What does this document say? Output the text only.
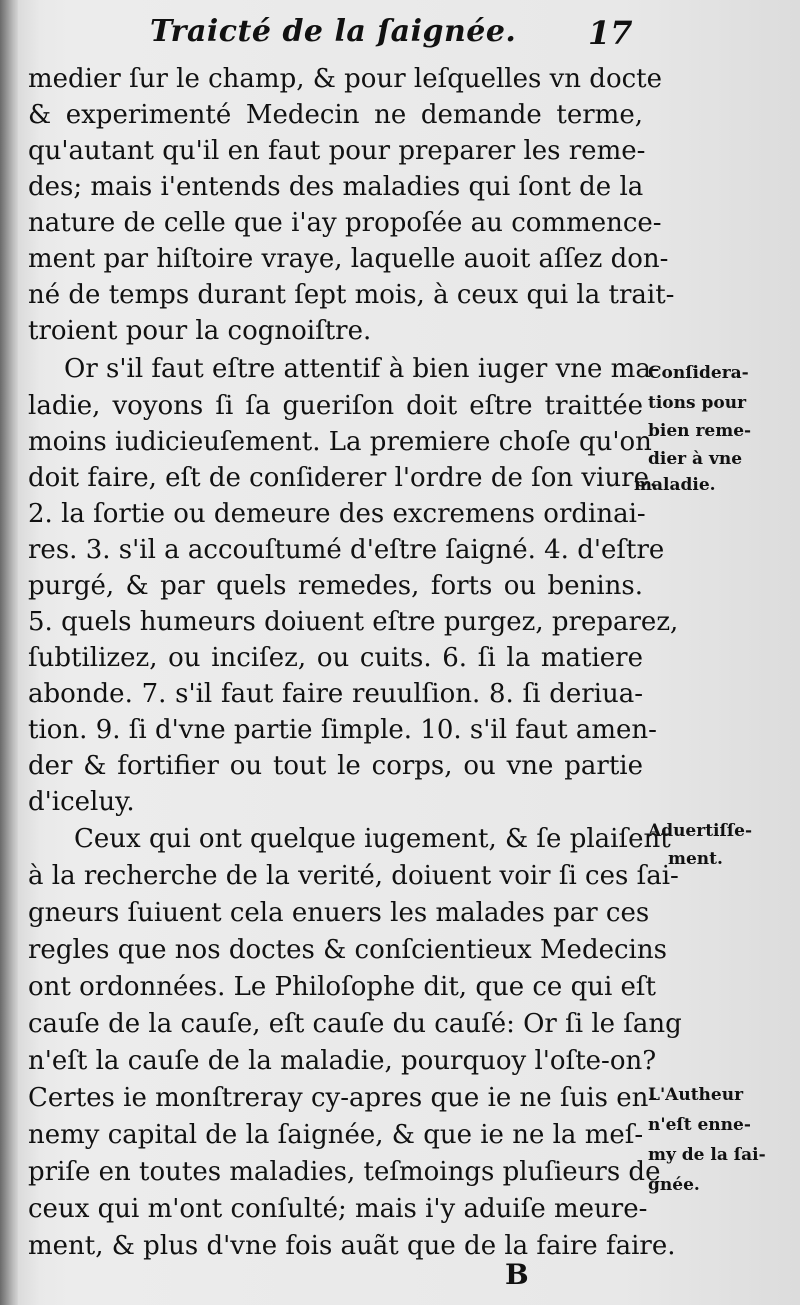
Traicté de la ſaignée. 17
medier ſur le champ, & pour leſquelles vn docte
& experimenté Medecin ne demande terme,
qu'autant qu'il en faut pour preparer les reme-
des; mais i'entends des maladies qui ſont de la
nature de celle que i'ay propoſée au commence-
ment par hiſtoire vraye, laquelle auoit aſſez don-
né de temps durant ſept mois, à ceux qui la trait-
troient pour la cognoiſtre.
Or s'il faut eſtre attentif à bien iuger vne ma-
ladie, voyons ſi ſa gueriſon doit eſtre traittée
moins iudicieuſement. La premiere choſe qu'on
doit faire, eſt de conſiderer l'ordre de ſon viure.
2. la ſortie ou demeure des excremens ordinai-
res. 3. s'il a accouſtumé d'eſtre ſaigné. 4. d'eſtre
purgé, & par quels remedes, forts ou benins.
5. quels humeurs doiuent eſtre purgez, preparez,
ſubtilizez, ou inciſez, ou cuits. 6. ſi la matiere
abonde. 7. s'il faut faire reuulſion. 8. ſi deriua-
tion. 9. ſi d'vne partie ſimple. 10. s'il faut amen-
der & fortifier ou tout le corps, ou vne partie
d'iceluy.
Ceux qui ont quelque iugement, & ſe plaiſent
à la recherche de la verité, doiuent voir ſi ces ſai-
gneurs ſuiuent cela enuers les malades par ces
regles que nos doctes & conſcientieux Medecins
ont ordonnées. Le Philoſophe dit, que ce qui eſt
cauſe de la cauſe, eſt cauſe du cauſé: Or ſi le ſang
n'eſt la cauſe de la maladie, pourquoy l'oſte-on?
Certes ie monſtreray cy-apres que ie ne ſuis en-
nemy capital de la ſaignée, & que ie ne la meſ-
priſe en toutes maladies, teſmoings pluſieurs de
ceux qui m'ont conſulté; mais i'y aduiſe meure-
ment, & plus d'vne fois auãt que de la faire faire.
Conſidera-
tions pour
bien reme-
dier à vne
maladie.
Aduertiſſe-
ment.
L'Autheur
n'eſt enne-
my de la ſai-
gnée.
B
